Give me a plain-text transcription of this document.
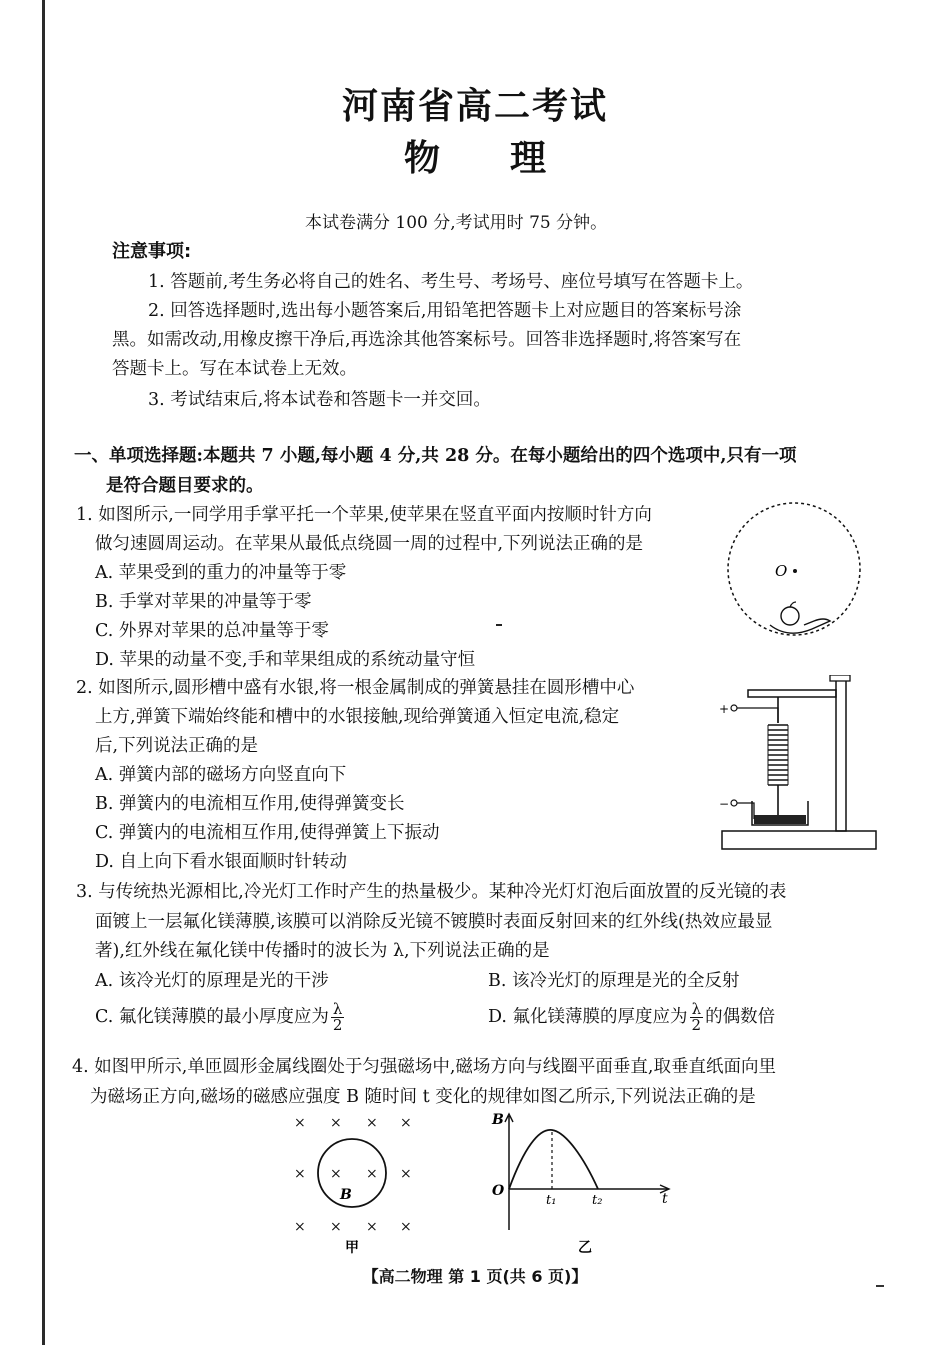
河南省高二考试
物理
本试卷满分 100 分,考试用时 75 分钟。
注意事项:
1. 答题前,考生务必将自己的姓名、考生号、考场号、座位号填写在答题卡上。
2. 回答选择题时,选出每小题答案后,用铅笔把答题卡上对应题目的答案标号涂
黑。如需改动,用橡皮擦干净后,再选涂其他答案标号。回答非选择题时,将答案写在
答题卡上。写在本试卷上无效。
3. 考试结束后,将本试卷和答题卡一并交回。
一、单项选择题:本题共 7 小题,每小题 4 分,共 28 分。在每小题给出的四个选项中,只有一项
是符合题目要求的。
1. 如图所示,一同学用手掌平托一个苹果,使苹果在竖直平面内按顺时针方向
做匀速圆周运动。在苹果从最低点绕圆一周的过程中,下列说法正确的是
A. 苹果受到的重力的冲量等于零
B. 手掌对苹果的冲量等于零
C. 外界对苹果的总冲量等于零
D. 苹果的动量不变,手和苹果组成的系统动量守恒
O
2. 如图所示,圆形槽中盛有水银,将一根金属制成的弹簧悬挂在圆形槽中心
上方,弹簧下端始终能和槽中的水银接触,现给弹簧通入恒定电流,稳定
后,下列说法正确的是
A. 弹簧内部的磁场方向竖直向下
B. 弹簧内的电流相互作用,使得弹簧变长
C. 弹簧内的电流相互作用,使得弹簧上下振动
D. 自上向下看水银面顺时针转动
+
−
3. 与传统热光源相比,冷光灯工作时产生的热量极少。某种冷光灯灯泡后面放置的反光镜的表
面镀上一层氟化镁薄膜,该膜可以消除反光镜不镀膜时表面反射回来的红外线(热效应最显
著),红外线在氟化镁中传播时的波长为 λ,下列说法正确的是
A. 该冷光灯的原理是光的干涉	B. 该冷光灯的原理是光的全反射
C. 氟化镁薄膜的最小厚度应为 $\frac{\lambda}{2}$	D. 氟化镁薄膜的厚度应为 $\frac{\lambda}{2}$ 的偶数倍
4. 如图甲所示,单匝圆形金属线圈处于匀强磁场中,磁场方向与线圈平面垂直,取垂直纸面向里
为磁场正方向,磁场的磁感应强度 B 随时间 t 变化的规律如图乙所示,下列说法正确的是
× × × ×
× × × ×
× × × ×
B
甲
B
t
O
t₁	t₂
乙
【高二物理 第 1 页(共 6 页)】
